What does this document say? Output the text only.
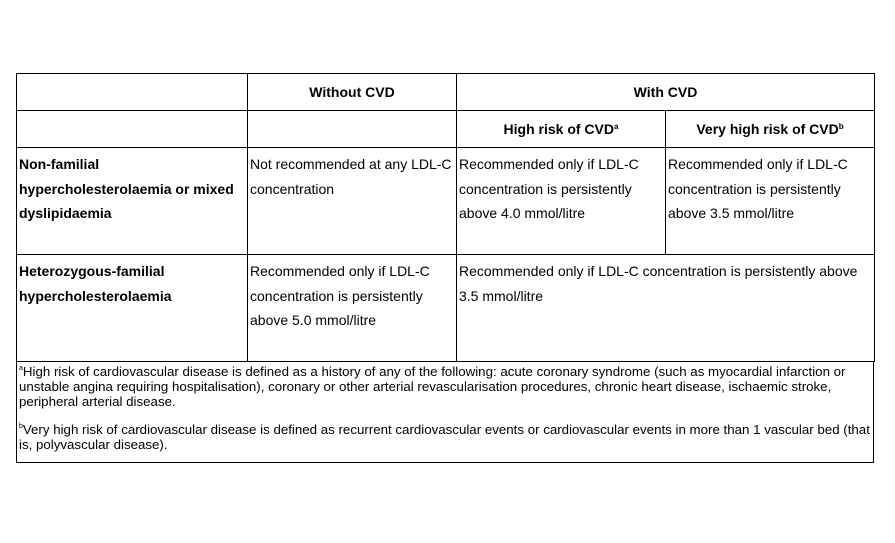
	Without CVD	With CVD	
		High risk of CVD$^a$	Very high risk of CVD$^b$
Non-familial hypercholesterolaemia or mixed dyslipidaemia	Not recommended at any LDL-C concentration	Recommended only if LDL-C concentration is persistently above 4.0 mmol/litre	Recommended only if LDL-C concentration is persistently above 3.5 mmol/litre
Heterozygous-familial hypercholesterolaemia	Recommended only if LDL-C concentration is persistently above 5.0 mmol/litre	Recommended only if LDL-C concentration is persistently above 3.5 mmol/litre	

$^a$High risk of cardiovascular disease is defined as a history of any of the following: acute coronary syndrome (such as myocardial infarction or unstable angina requiring hospitalisation), coronary or other arterial revascularisation procedures, chronic heart disease, ischaemic stroke, peripheral arterial disease.

$^b$Very high risk of cardiovascular disease is defined as recurrent cardiovascular events or cardiovascular events in more than 1 vascular bed (that is, polyvascular disease).
